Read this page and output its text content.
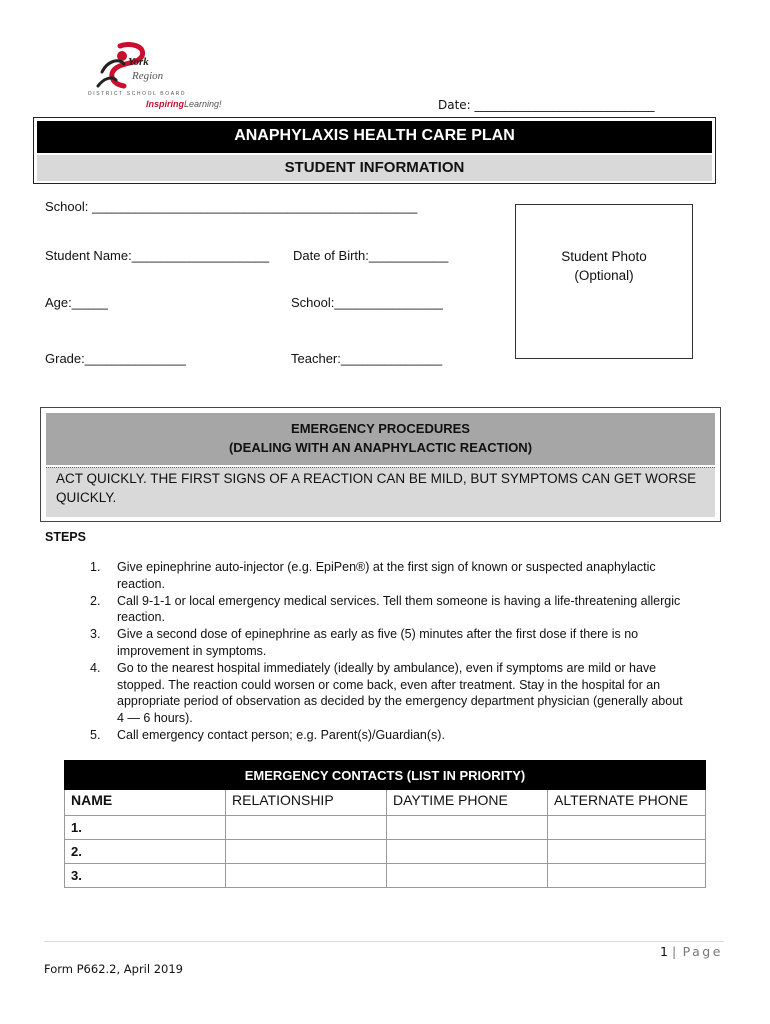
York
Region
DISTRICT SCHOOL BOARD
InspiringLearning!	Date: ______________________________
ANAPHYLAXIS HEALTH CARE PLAN
STUDENT INFORMATION
School: _____________________________________________
Student Name:___________________ Date of Birth:___________
Age:_____	School:_______________
Grade:______________	Teacher:______________
Student Photo
(Optional)
EMERGENCY PROCEDURES
(DEALING WITH AN ANAPHYLACTIC REACTION)
ACT QUICKLY. THE FIRST SIGNS OF A REACTION CAN BE MILD, BUT SYMPTOMS CAN GET WORSE QUICKLY.
STEPS
1.	Give epinephrine auto-injector (e.g. EpiPen®) at the first sign of known or suspected anaphylactic reaction.
2.	Call 9-1-1 or local emergency medical services. Tell them someone is having a life-threatening allergic reaction.
3.	Give a second dose of epinephrine as early as five (5) minutes after the first dose if there is no improvement in symptoms.
4.	Go to the nearest hospital immediately (ideally by ambulance), even if symptoms are mild or have stopped. The reaction could worsen or come back, even after treatment. Stay in the hospital for an appropriate period of observation as decided by the emergency department physician (generally about 4 — 6 hours).
5.	Call emergency contact person; e.g. Parent(s)/Guardian(s).
EMERGENCY CONTACTS (LIST IN PRIORITY)			
NAME	RELATIONSHIP	DAYTIME PHONE	ALTERNATE PHONE
1.			
2.			
3.			
1 | Page
Form P662.2, April 2019
